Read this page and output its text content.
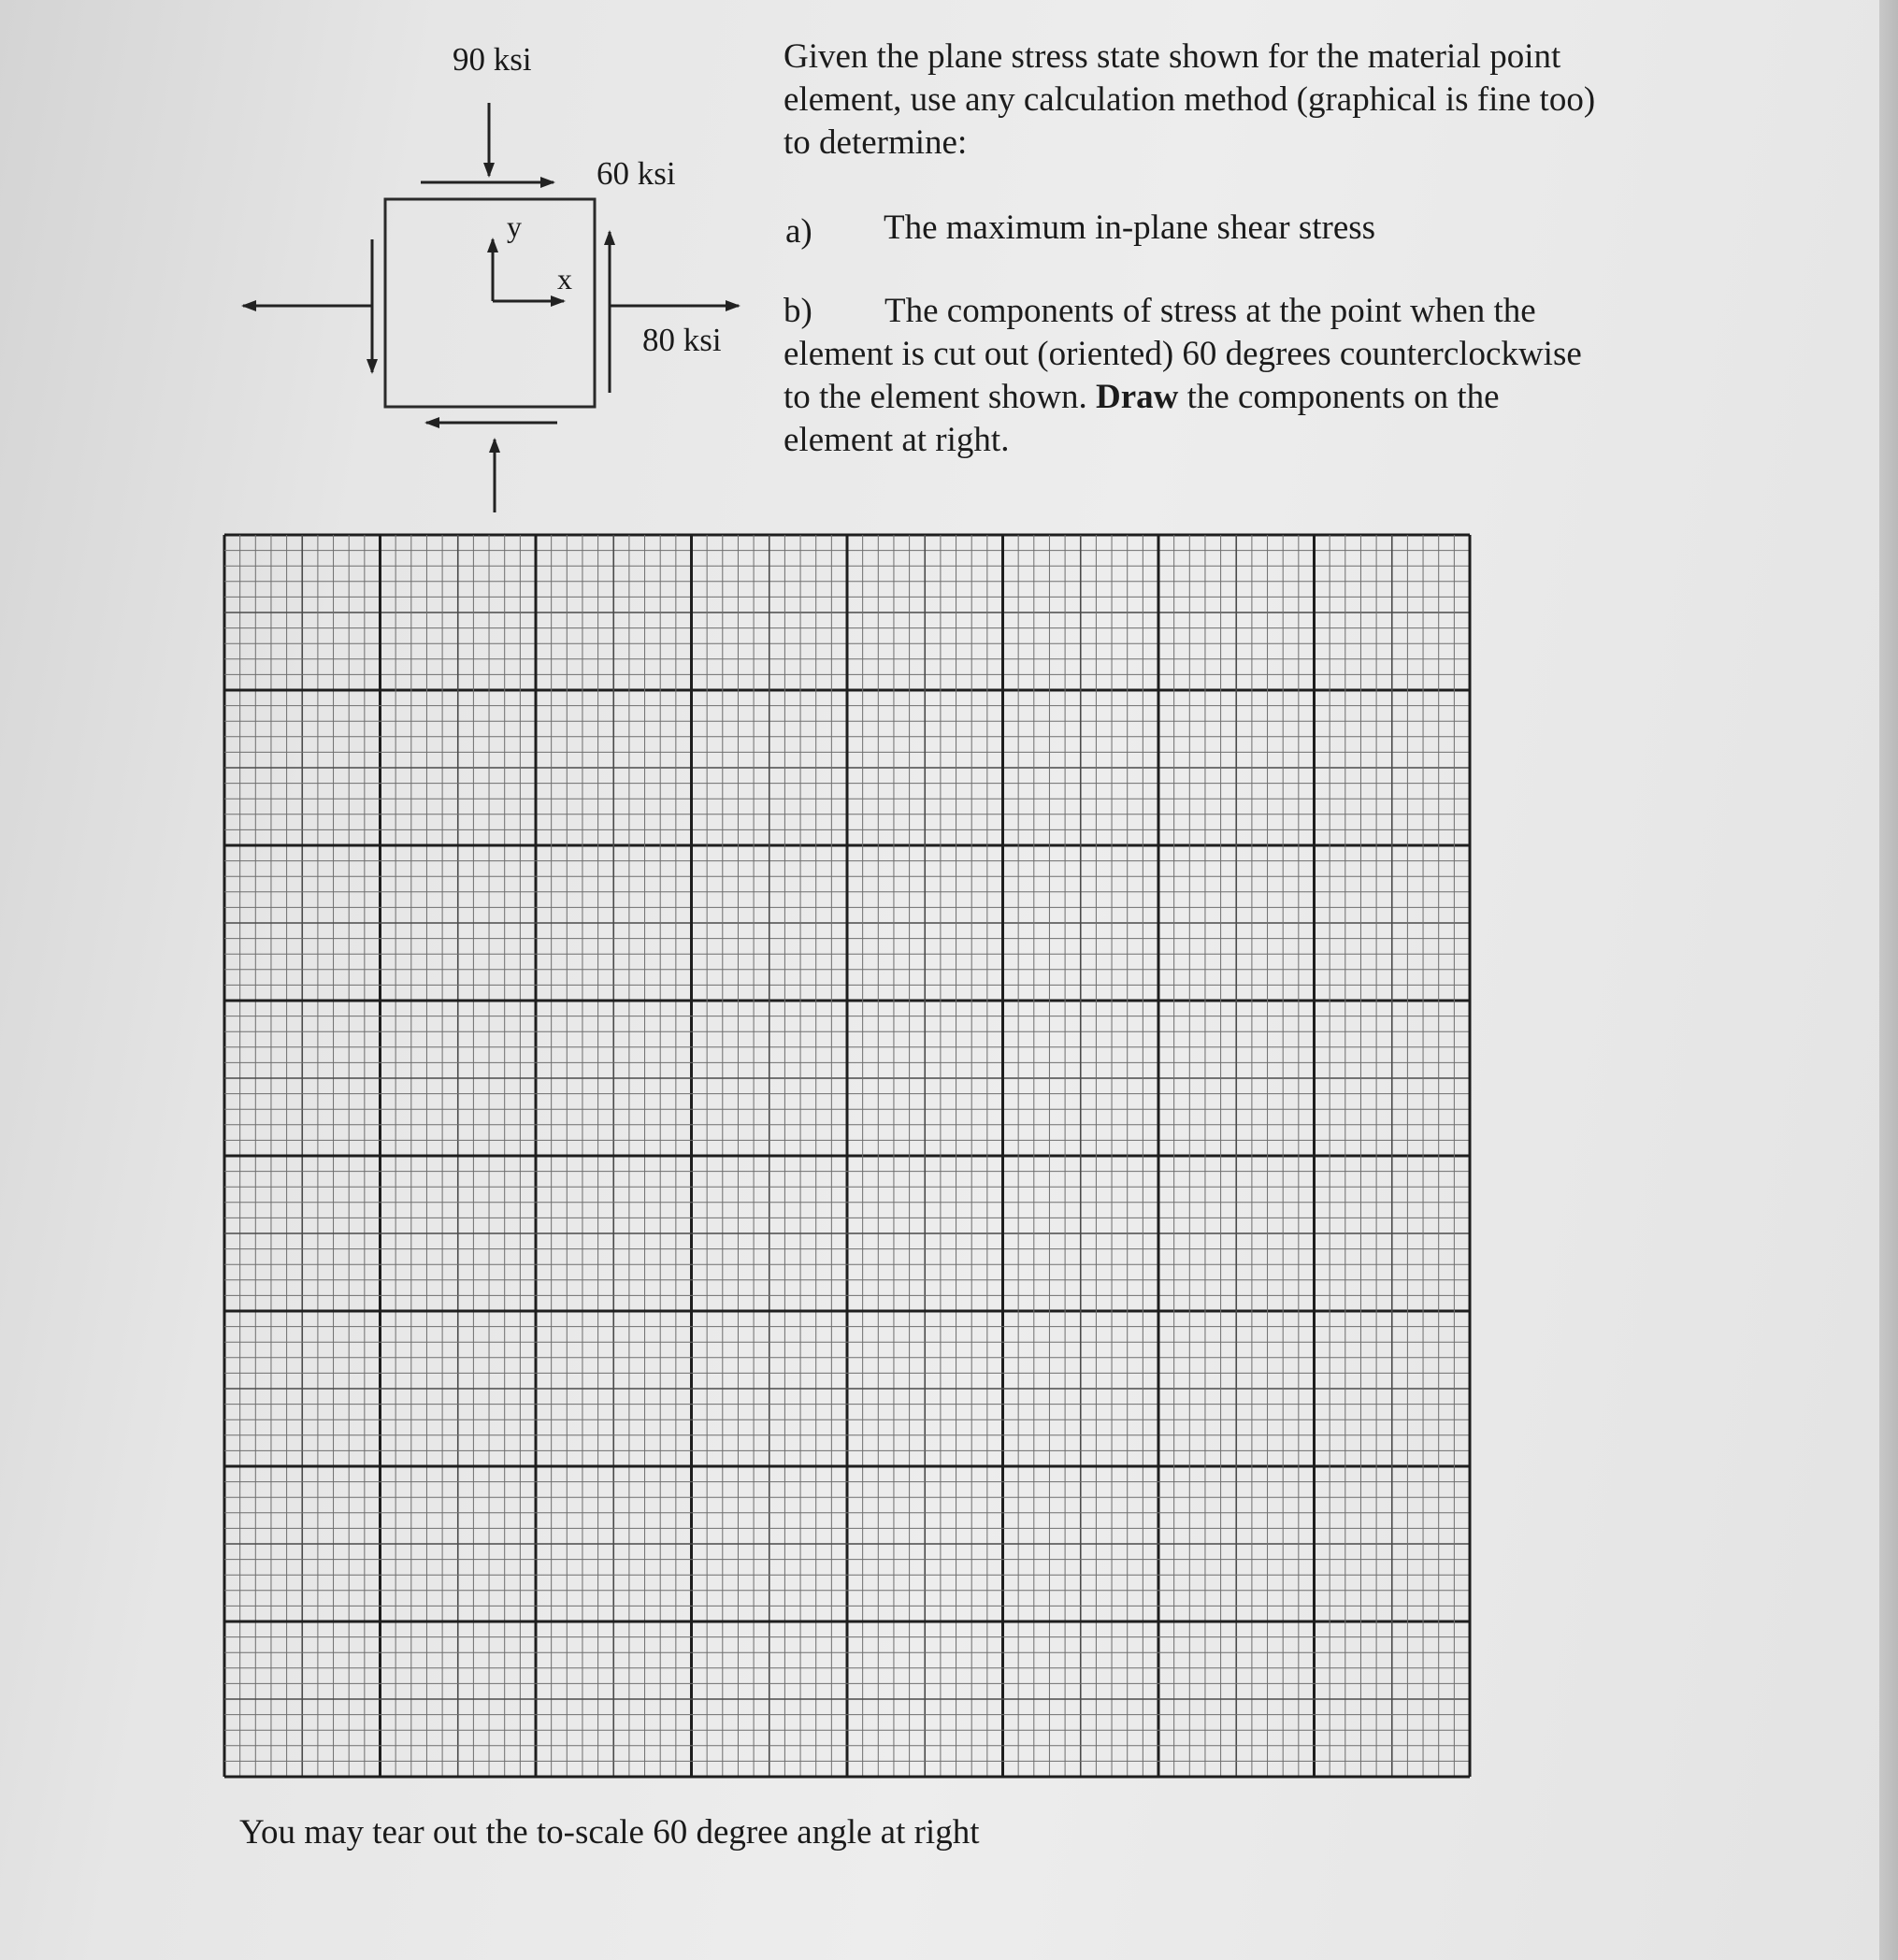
90 ksi
60 ksi
80 ksi
y
x
Given the plane stress state shown for the material point
element, use any calculation method (graphical is fine too)
to determine:
a) The maximum in-plane shear stress
b) The components of stress at the point when the
element is cut out (oriented) 60 degrees counterclockwise
to the element shown. Draw the components on the
element at right.
You may tear out the to-scale 60 degree angle at right
